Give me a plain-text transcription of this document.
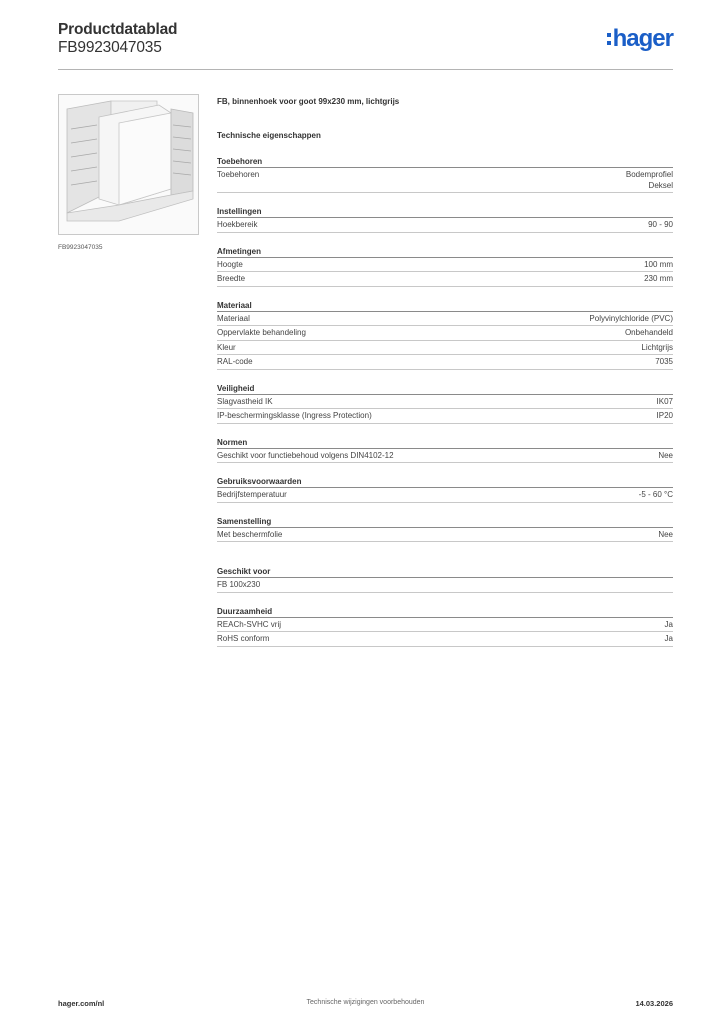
Productdatablad
FB9923047035	hager
FB9923047035
FB, binnenhoek voor goot 99x230 mm, lichtgrijs
Technische eigenschappen
Toebehoren
Toebehoren	Bodemprofiel
Deksel
Instellingen
Hoekbereik	90 - 90
Afmetingen
Hoogte	100 mm
Breedte	230 mm
Materiaal
Materiaal	Polyvinylchloride (PVC)
Oppervlakte behandeling	Onbehandeld
Kleur	Lichtgrijs
RAL-code	7035
Veiligheid
Slagvastheid IK	IK07
IP-beschermingsklasse (Ingress Protection)	IP20
Normen
Geschikt voor functiebehoud volgens DIN4102-12	Nee
Gebruiksvoorwaarden
Bedrijfstemperatuur	-5 - 60 °C
Samenstelling
Met beschermfolie	Nee
Geschikt voor
FB 100x230
Duurzaamheid
REACh-SVHC vrij	Ja
RoHS conform	Ja
hager.com/nl	Technische wijzigingen voorbehouden	14.03.2026
